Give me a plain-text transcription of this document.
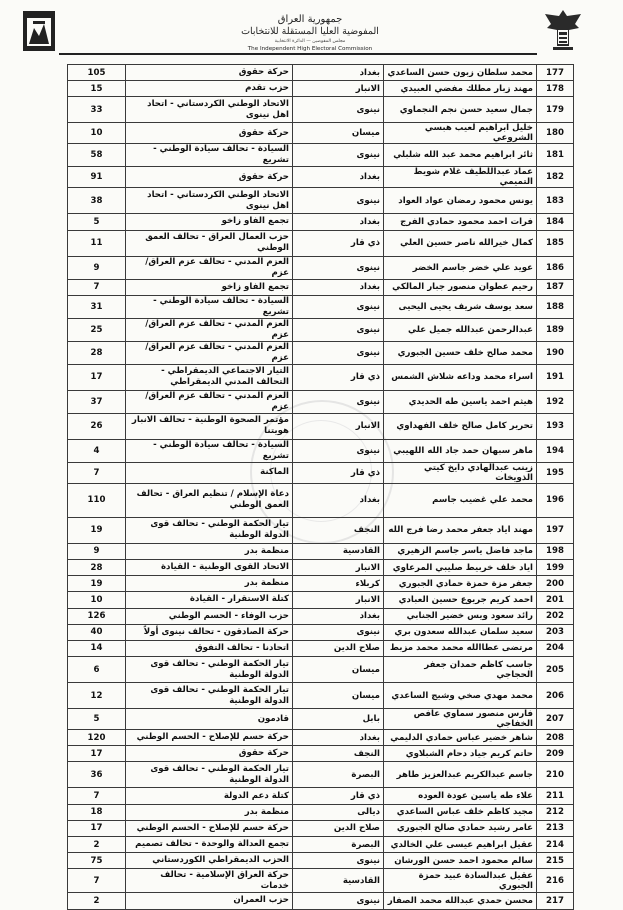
جمهورية العراق
المفوضية العليا المستقلة للانتخابات
مجلس المفوضين — الدائرة الانتخابية
The Independent High Electoral Commission
177	محمد سلطان زبون حسن الساعدي	بغداد	حركة حقوق	105
178	مهند زبار مطلك مفضي العبيدي	الانبار	حزب تقدم	15
179	جمال سعيد حسن نجم النجماوي	نينوى	الاتحاد الوطني الكردستاني - اتحاد اهل نينوى	33
180	خليل ابراهيم لعيب هبسي الشروعي	ميسان	حركة حقوق	10
181	ثائر ابراهيم محمد عبد الله شلبلي	نينوى	السيادة - تحالف سيادة الوطني - تشريع	58
182	عماد عبداللطيف غلام شويط التميمي	بغداد	حركة حقوق	91
183	يونس محمود رمضان عواد العواد	نينوى	الاتحاد الوطني الكردستاني - اتحاد اهل نينوى	38
184	فرات احمد محمود حمادي الفرج	بغداد	تجمع الفاو زاخو	5
185	كمال خيرالله ناصر حسين العلي	ذي قار	حزب العمال العراق - تحالف العمق الوطني	11
186	عويد علي خضر جاسم الخضر	نينوى	العزم المدني - تحالف عزم العراق/عزم	9
187	رحيم عطوان منصور جبار المالكي	بغداد	تجمع الفاو زاخو	7
188	سعد يوسف شريف يحيى اليحيى	نينوى	السيادة - تحالف سيادة الوطني - تشريع	31
189	عبدالرحمن عبدالله جميل علي	نينوى	العزم المدني - تحالف عزم العراق/عزم	25
190	محمد صالح خلف حسين الجبوري	نينوى	العزم المدني - تحالف عزم العراق/عزم	28
191	اسراء محمد وداعه شلاش الشمس	ذي قار	التيار الاجتماعي الديمقراطي - التحالف المدني الديمقراطي	17
192	هيثم احمد ياسين طه الحديدي	نينوى	العزم المدني - تحالف عزم العراق/عزم	37
193	تحرير كامل صالح خلف الفهداوي	الانبار	مؤتمر الصحوة الوطنية - تحالف الانبار هويتنا	26
194	ماهر سبهان حمد جاد الله اللهيبي	نينوى	السيادة - تحالف سيادة الوطني - تشريع	4
195	زينب عبدالهادي دايخ كيتي الذويخات	ذي قار	الماكنة	7
196	محمد علي غضيب جاسم	بغداد	دعاة الإسلام / تنظيم العراق - تحالف العمق الوطني	110
197	مهند اياد جعفر محمد رضا فرج الله	النجف	تيار الحكمة الوطني - تحالف قوى الدولة الوطنية	19
198	ماجد فاضل ياسر جاسم الزهيري	القادسية	منظمة بدر	9
199	اياد خلف خربيط صليبي المرعاوي	الانبار	الاتحاد القوى الوطنية - القيادة	28
200	جعفر مزة حمزة حمادي الجبوري	كربلاء	منظمة بدر	19
201	احمد كريم جريوع حسين العبادي	الانبار	كتلة الاستقرار - القيادة	10
202	رائد سعود ويس خضير الجنابي	بغداد	حزب الوفاء - الحسم الوطني	126
203	سعيد سلمان عبدالله سعدون بري	نينوى	حركة الصادقون - تحالف نينوى أولاً	40
204	مرتضى عطاالله محمد محمد مزبط	صلاح الدين	اتحادنا - تحالف التفوق	14
205	جاسب كاظم حمدان جعفر الحجاجي	ميسان	تيار الحكمة الوطني - تحالف قوى الدولة الوطنية	6
206	محمد مهدي صخي وشيج الساعدي	ميسان	تيار الحكمة الوطني - تحالف قوى الدولة الوطنية	12
207	فارس منصور سماوي عافص الخفاجي	بابل	قادمون	5
208	شاهر خضير عباس حمادي الدليمي	بغداد	حركة حسم للإصلاح - الحسم الوطني	120
209	حاتم كريم جياد دحام الشبلاوي	النجف	حركة حقوق	17
210	جاسم عبدالكريم عبدالعزيز طاهر	البصرة	تيار الحكمة الوطني - تحالف قوى الدولة الوطنية	36
211	علاء طه ياسين عودة العوده	ذي قار	كتلة دعم الدولة	7
212	مجيد كاظم خلف عباس الساعدي	ديالى	منظمة بدر	18
213	عامر رشيد حمادي صالح الجبوري	صلاح الدين	حركة حسم للإصلاح - الحسم الوطني	17
214	عقيل ابراهيم عيسى علي الخالدي	البصرة	تجمع العدالة والوحدة - تحالف تصميم	2
215	سالم محمود احمد حسن الورشان	نينوى	الحزب الديمقراطي الكوردستاني	75
216	عقيل عبدالسادة عبيد حمزة الجبوري	القادسية	حركة العراق الإسلامية - تحالف خدمات	7
217	محسن حمدي عبدالله محمد الصفار	نينوى	حزب العمران	2
